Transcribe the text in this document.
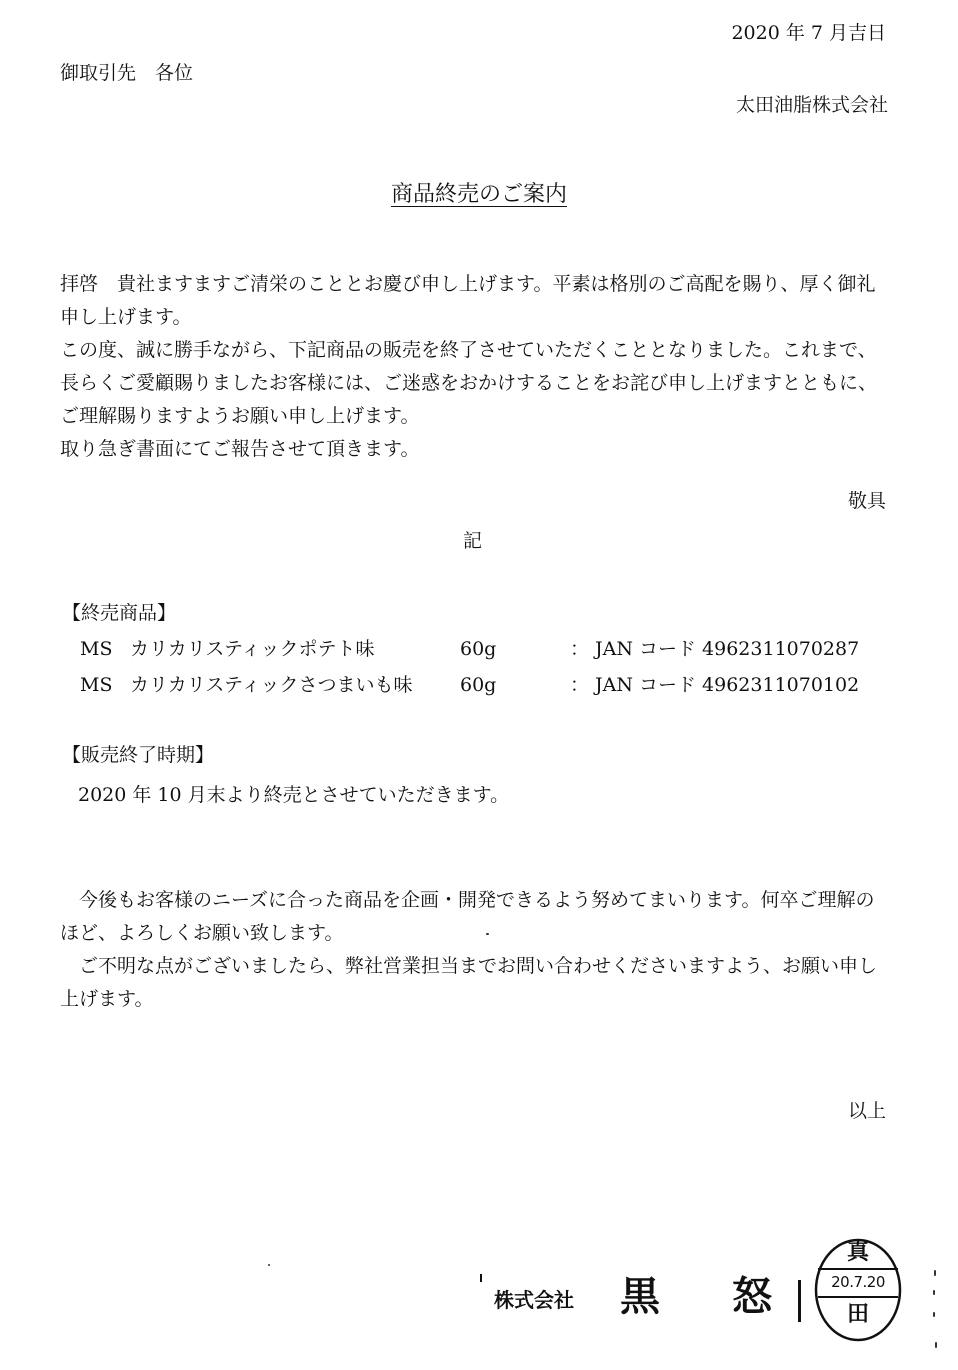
2020 年 7 月吉日
御取引先　各位
太田油脂株式会社
商品終売のご案内

拝啓　貴社ますますご清栄のこととお慶び申し上げます。平素は格別のご高配を賜り、厚く御礼申し上げます。

この度、誠に勝手ながら、下記商品の販売を終了させていただくこととなりました。これまで、長らくご愛顧賜りましたお客様には、ご迷惑をおかけすることをお詫び申し上げますとともに、ご理解賜りますようお願い申し上げます。

取り急ぎ書面にてご報告させて頂きます。

敬具
記
【終売商品】
MS カリカリスティックポテト味	60g	： JAN コード 4962311070287
MS カリカリスティックさつまいも味 60g	： JAN コード 4962311070102
【販売終了時期】
2020 年 10 月末より終売とさせていただきます。

今後もお客様のニーズに合った商品を企画・開発できるよう努めてまいります。何卒ご理解のほど、よろしくお願い致します。

ご不明な点がございましたら、弊社営業担当までお問い合わせくださいますよう、お願い申し上げます。

以上
株式会社 黒 怒
真
20.7.20
田
